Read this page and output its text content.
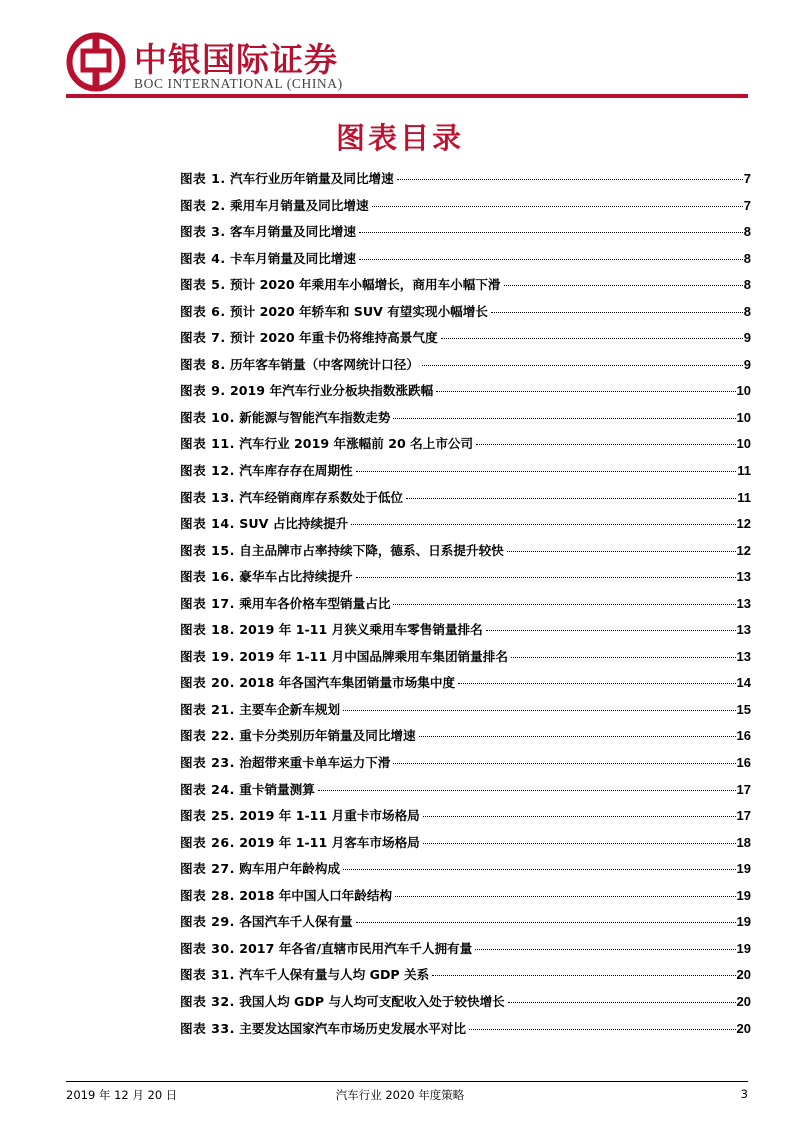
中银国际证券
BOC INTERNATIONAL (CHINA)
图表目录
图表 1. 汽车行业历年销量及同比增速	7
图表 2. 乘用车月销量及同比增速	7
图表 3. 客车月销量及同比增速	8
图表 4. 卡车月销量及同比增速	8
图表 5. 预计 2020 年乘用车小幅增长，商用车小幅下滑	8
图表 6. 预计 2020 年轿车和 SUV 有望实现小幅增长	8
图表 7. 预计 2020 年重卡仍将维持高景气度	9
图表 8. 历年客车销量（中客网统计口径）	9
图表 9. 2019 年汽车行业分板块指数涨跌幅	10
图表 10. 新能源与智能汽车指数走势	10
图表 11. 汽车行业 2019 年涨幅前 20 名上市公司	10
图表 12. 汽车库存存在周期性	11
图表 13. 汽车经销商库存系数处于低位	11
图表 14. SUV 占比持续提升	12
图表 15. 自主品牌市占率持续下降，德系、日系提升较快	12
图表 16. 豪华车占比持续提升	13
图表 17. 乘用车各价格车型销量占比	13
图表 18. 2019 年 1-11 月狭义乘用车零售销量排名	13
图表 19. 2019 年 1-11 月中国品牌乘用车集团销量排名	13
图表 20. 2018 年各国汽车集团销量市场集中度	14
图表 21. 主要车企新车规划	15
图表 22. 重卡分类别历年销量及同比增速	16
图表 23. 治超带来重卡单车运力下滑	16
图表 24. 重卡销量测算	17
图表 25. 2019 年 1-11 月重卡市场格局	17
图表 26. 2019 年 1-11 月客车市场格局	18
图表 27. 购车用户年龄构成	19
图表 28. 2018 年中国人口年龄结构	19
图表 29. 各国汽车千人保有量	19
图表 30. 2017 年各省/直辖市民用汽车千人拥有量	19
图表 31. 汽车千人保有量与人均 GDP 关系	20
图表 32. 我国人均 GDP 与人均可支配收入处于较快增长	20
图表 33. 主要发达国家汽车市场历史发展水平对比	20
2019 年 12 月 20 日	汽车行业 2020 年度策略	3
